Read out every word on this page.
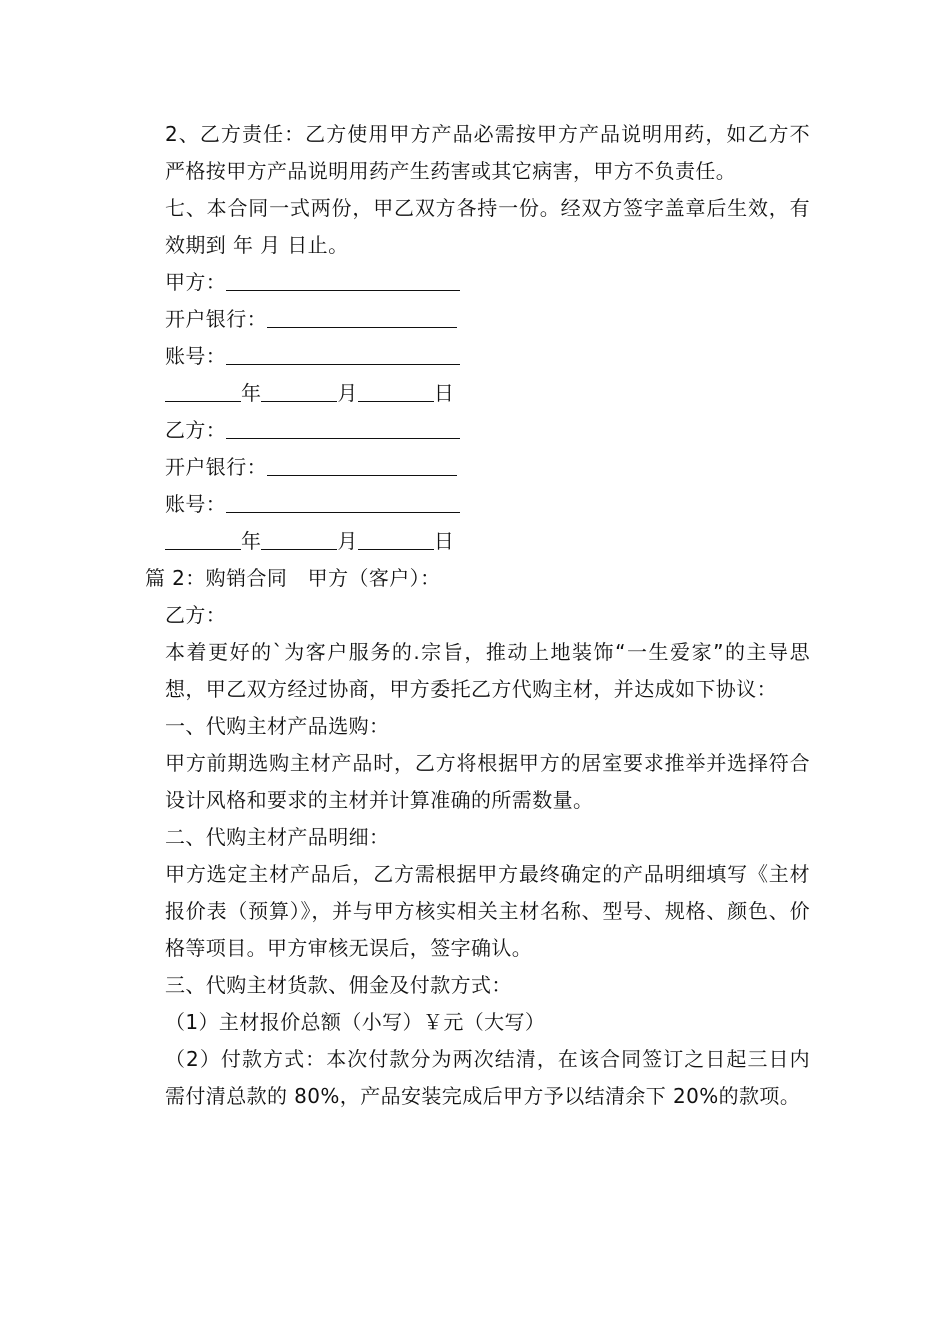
2、乙方责任：乙方使用甲方产品必需按甲方产品说明用药，如乙方不严格按甲方产品说明用药产生药害或其它病害，甲方不负责任。

七、本合同一式两份，甲乙双方各持一份。经双方签字盖章后生效，有效期到 年 月 日止。

甲方：
开户银行：
账号：
年	月	日
乙方：
开户银行：
账号：
年	月	日

篇 2：购销合同　甲方（客户）：

乙方：

本着更好的`为客户服务的.宗旨，推动上地装饰“一生爱家”的主导思想，甲乙双方经过协商，甲方委托乙方代购主材，并达成如下协议：

一、代购主材产品选购：

甲方前期选购主材产品时，乙方将根据甲方的居室要求推举并选择符合设计风格和要求的主材并计算准确的所需数量。

二、代购主材产品明细：

甲方选定主材产品后，乙方需根据甲方最终确定的产品明细填写《主材报价表（预算）》，并与甲方核实相关主材名称、型号、规格、颜色、价格等项目。甲方审核无误后，签字确认。

三、代购主材货款、佣金及付款方式：

（1）主材报价总额（小写）￥元（大写）

（2）付款方式：本次付款分为两次结清，在该合同签订之日起三日内需付清总款的 80%，产品安装完成后甲方予以结清余下 20%的款项。
